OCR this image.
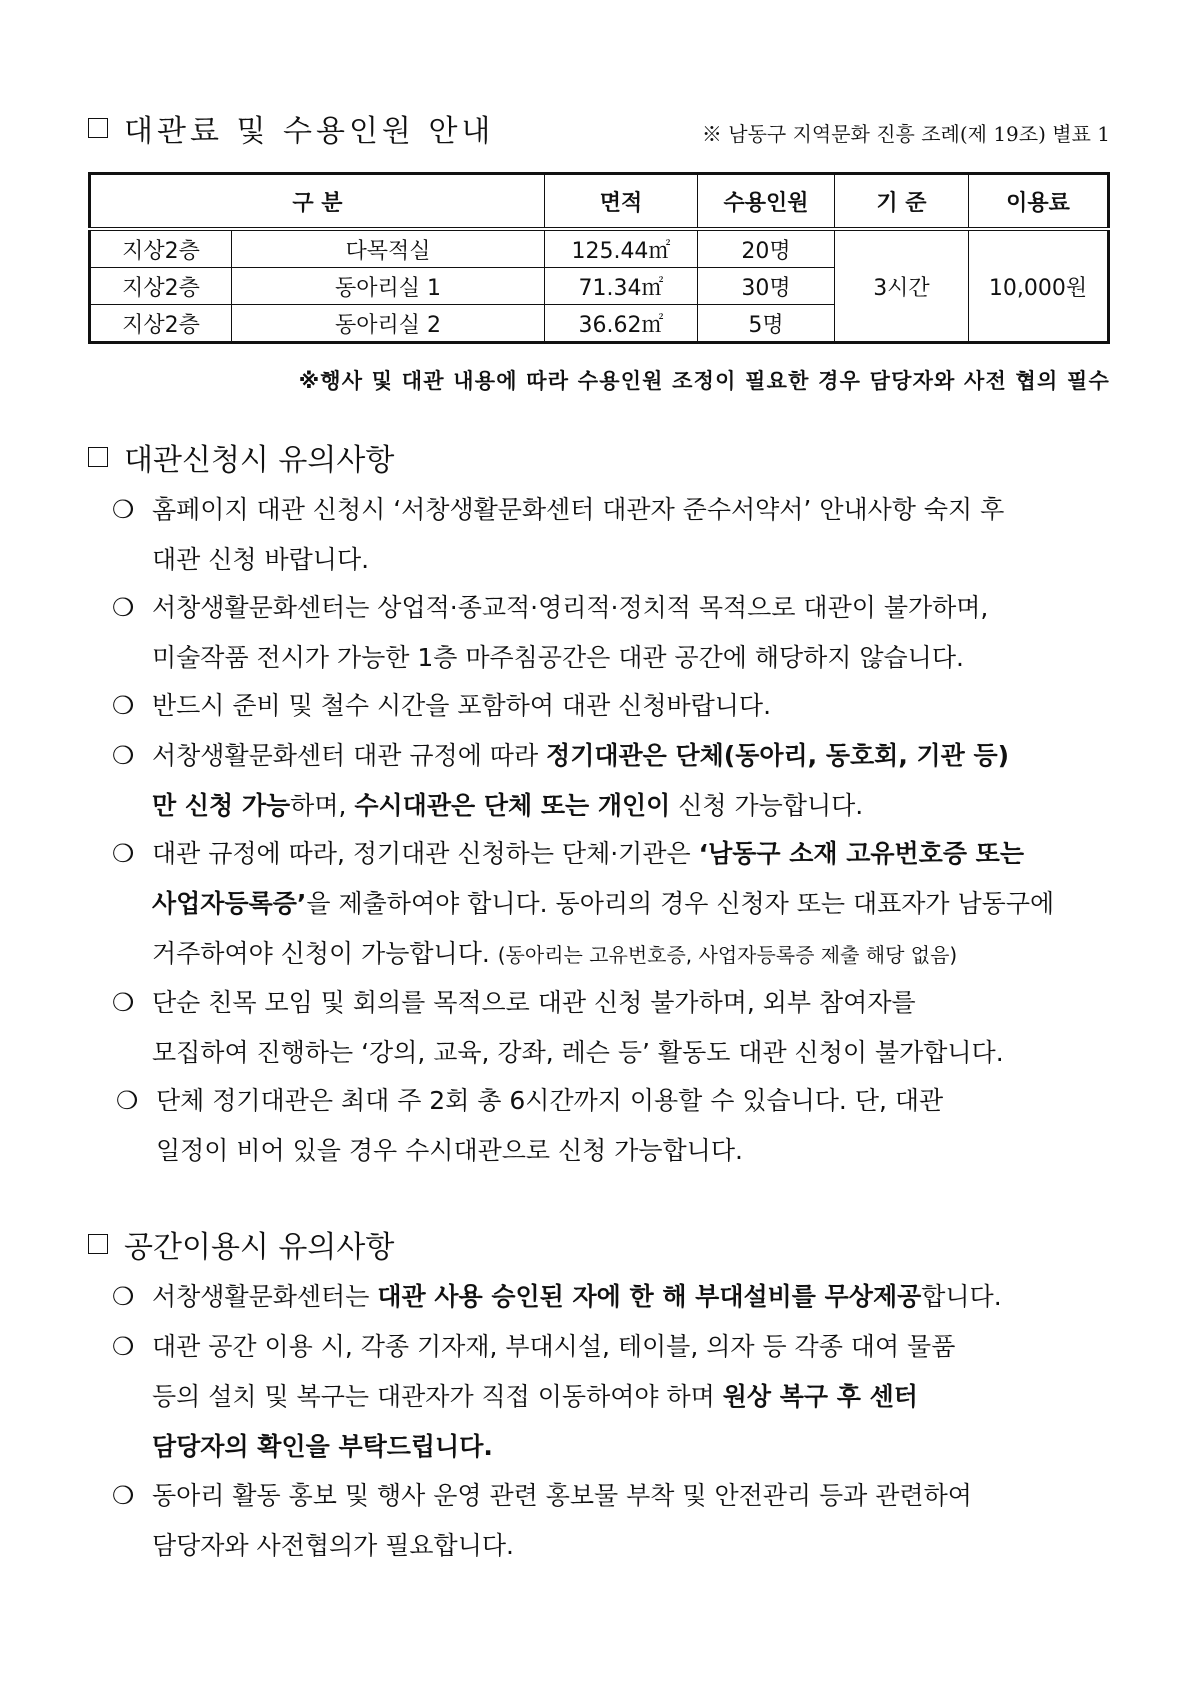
대관료 및 수용인원 안내	※ 남동구 지역문화 진흥 조례(제 19조) 별표 1
구 분		면적	수용인원	기 준	이용료
지상2층	다목적실	125.44㎡	20명	3시간	10,000원
지상2층	동아리실 1	71.34㎡	30명		
지상2층	동아리실 2	36.62㎡	5명		
※행사 및 대관 내용에 따라 수용인원 조정이 필요한 경우 담당자와 사전 협의 필수
대관신청시 유의사항
❍ 홈페이지 대관 신청시 ‘서창생활문화센터 대관자 준수서약서’ 안내사항 숙지 후
대관 신청 바랍니다.
❍ 서창생활문화센터는 상업적·종교적·영리적·정치적 목적으로 대관이 불가하며,
미술작품 전시가 가능한 1층 마주침공간은 대관 공간에 해당하지 않습니다.
❍ 반드시 준비 및 철수 시간을 포함하여 대관 신청바랍니다.
❍ 서창생활문화센터 대관 규정에 따라 정기대관은 단체(동아리, 동호회, 기관 등)
만 신청 가능하며, 수시대관은 단체 또는 개인이 신청 가능합니다.
❍ 대관 규정에 따라, 정기대관 신청하는 단체·기관은 ‘남동구 소재 고유번호증 또는
사업자등록증’을 제출하여야 합니다. 동아리의 경우 신청자 또는 대표자가 남동구에
거주하여야 신청이 가능합니다. (동아리는 고유번호증, 사업자등록증 제출 해당 없음)
❍ 단순 친목 모임 및 회의를 목적으로 대관 신청 불가하며, 외부 참여자를
모집하여 진행하는 ‘강의, 교육, 강좌, 레슨 등’ 활동도 대관 신청이 불가합니다.
❍ 단체 정기대관은 최대 주 2회 총 6시간까지 이용할 수 있습니다. 단, 대관
일정이 비어 있을 경우 수시대관으로 신청 가능합니다.
공간이용시 유의사항
❍ 서창생활문화센터는 대관 사용 승인된 자에 한 해 부대설비를 무상제공합니다.
❍ 대관 공간 이용 시, 각종 기자재, 부대시설, 테이블, 의자 등 각종 대여 물품
등의 설치 및 복구는 대관자가 직접 이동하여야 하며 원상 복구 후 센터
담당자의 확인을 부탁드립니다.
❍ 동아리 활동 홍보 및 행사 운영 관련 홍보물 부착 및 안전관리 등과 관련하여
담당자와 사전협의가 필요합니다.
